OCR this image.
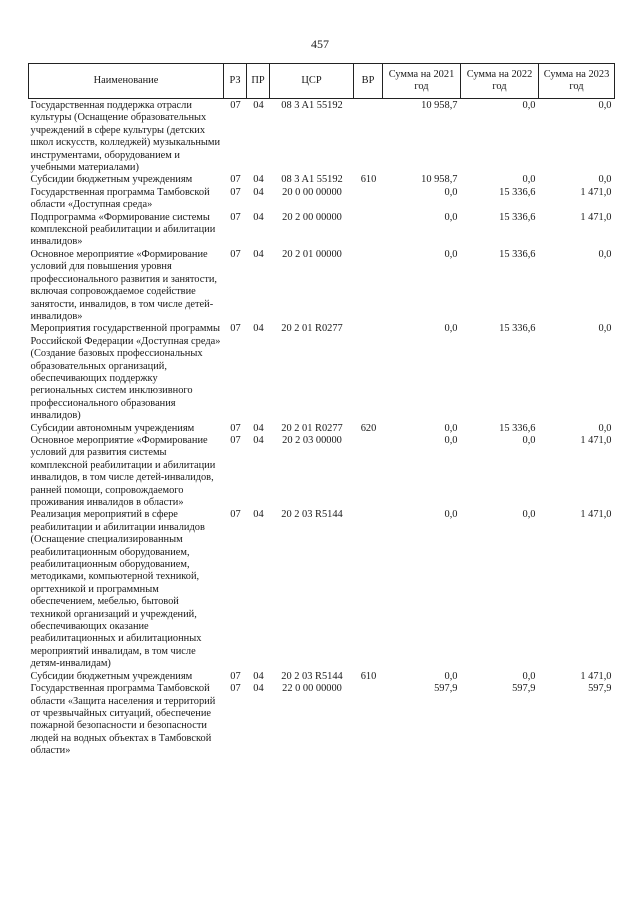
457
Наименование	РЗ	ПР	ЦСР	ВР	Сумма на 2021 год	Сумма на 2022 год	Сумма на 2023 год
Государственная поддержка отрасли культуры (Оснащение образовательных учреждений в сфере культуры (детских школ искусств, колледжей) музыкальными инструментами, оборудованием и учебными материалами)	07	04	08 3 A1 55192		10 958,7	0,0	0,0
Субсидии бюджетным учреждениям	07	04	08 3 A1 55192	610	10 958,7	0,0	0,0
Государственная программа Тамбовской области «Доступная среда»	07	04	20 0 00 00000		0,0	15 336,6	1 471,0
Подпрограмма «Формирование системы комплексной реабилитации и абилитации инвалидов»	07	04	20 2 00 00000		0,0	15 336,6	1 471,0
Основное мероприятие «Формирование условий для повышения уровня профессионального развития и занятости, включая сопровождаемое содействие занятости, инвалидов, в том числе детей-инвалидов»	07	04	20 2 01 00000		0,0	15 336,6	0,0
Мероприятия государственной программы Российской Федерации «Доступная среда» (Создание базовых профессиональных образовательных организаций, обеспечивающих поддержку региональных систем инклюзивного профессионального образования инвалидов)	07	04	20 2 01 R0277		0,0	15 336,6	0,0
Субсидии автономным учреждениям	07	04	20 2 01 R0277	620	0,0	15 336,6	0,0
Основное мероприятие «Формирование условий для развития системы комплексной реабилитации и абилитации инвалидов, в том числе детей-инвалидов, ранней помощи, сопровождаемого проживания инвалидов в области»	07	04	20 2 03 00000		0,0	0,0	1 471,0
Реализация мероприятий в сфере реабилитации и абилитации инвалидов (Оснащение специализированным реабилитационным оборудованием, реабилитационным оборудованием, методиками, компьютерной техникой, оргтехникой и программным обеспечением, мебелью, бытовой техникой организаций и учреждений, обеспечивающих оказание реабилитационных и абилитационных мероприятий инвалидам, в том числе детям-инвалидам)	07	04	20 2 03 R5144		0,0	0,0	1 471,0
Субсидии бюджетным учреждениям	07	04	20 2 03 R5144	610	0,0	0,0	1 471,0
Государственная программа Тамбовской области «Защита населения и территорий от чрезвычайных ситуаций, обеспечение пожарной безопасности и безопасности людей на водных объектах в Тамбовской области»	07	04	22 0 00 00000		597,9	597,9	597,9
